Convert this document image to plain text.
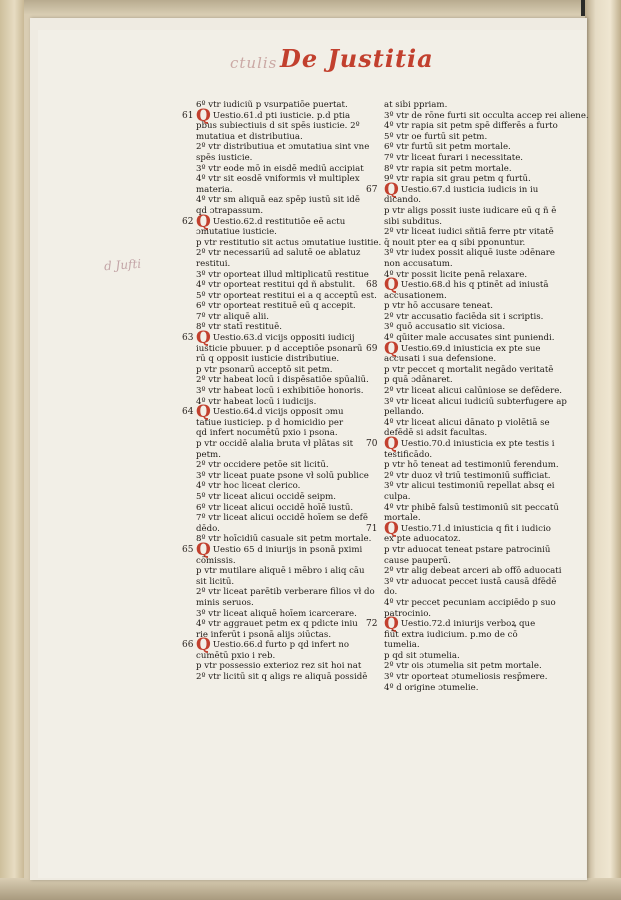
ctulis De Justitia
d Jufti
6º vtr iudiciũ p vsurpatiōe puertat.
61 Q Uestio.61.d pti iusticie. p.d ptia
pbus subiectiuis d sit spēs iusticie. 2º
mutatiua et distributiua.
2º vtr distributiua et ɔmutatiua sint vne
spēs iusticie.
3º vtr eode mō in eisdē mediū accipiat
4º vtr sit eosdē vniformis vł multiplex
materia.
4º vtr sm aliquā eaz spēp iustū sit idē
qd ɔtrapassum.
62 Q Uestio.62.d restitutiōe eē actu
ɔmutatiue iusticie.
p vtr restitutio sit actus ɔmutatiue iustitie.
2º vtr necessariū ad salutē oe ablatuz
restitui.
3º vtr oporteat illud mltiplicatū restitue
4º vtr oporteat restitui qd ñ abstulit.
5º vtr oporteat restitui ei a q acceptū est.
6º vtr oporteat restituē eū q accepit.
7º vtr aliquē alii.
8º vtr statī restituē.
63 Q Uestio.63.d vicijs oppositi iudicij
iusticie pbuuer. p d acceptiōe psonarū
rū q opposit iusticie distributiue.
p vtr psonarū acceptō sit petm.
2º vtr habeat locū i dispēsatiōe spūaliū.
3º vtr habeat locū i exhibitiōe honoris.
4º vtr habeat locū i iudicijs.
64 Q Uestio.64.d vicijs opposit ɔmu
tatiue iusticiep. p d homicidio per
qd infert nocumētū pxio i psona.
p vtr occidē alalia bruta vł plātas sit
petm.
2º vtr occidere petōe sit licitū.
3º vtr liceat puate psone vł solū publice
4º vtr hoc liceat clerico.
5º vtr liceat alicui occidē seipm.
6º vtr liceat alicui occidē hoīē iustū.
7º vtr liceat alicui occidē hoīem se defē
dēdo.
8º vtr hoīcidiū casuale sit petm mortale.
65 Q Uestio 65 d iniurijs in psonā pximi
cōmissis.
p vtr mutilare aliquē i mēbro i aliq cāu
sit licitū.
2º vtr liceat parētib verberare filios vł do
minis seruos.
3º vtr liceat aliquē hoīem icarcerare.
4º vtr aggrauet petm ex q pdicte iniu
rie inferūt i psonā alijs ɔiūctas.
66 Q Uestio.66.d furto p qd infert no
cumētū pxio i reb.
p vtr possessio exterioz rez sit hoi nat
2º vtr licitū sit q aligs re aliquā possidē
at sibi ppriam.
3º vtr de rōne furti sit occulta accep rei aliene.
4º vtr rapia sit petm spē differēs a furto
5º vtr oe furtū sit petm.
6º vtr furtū sit petm mortale.
7º vtr liceat furari i necessitate.
8º vtr rapia sit petm mortale.
9º vtr rapia sit grau petm q furtū.
67 Q Uestio.67.d iusticia iudicis in iu
dicando.
p vtr aligs possit iuste iudicare eū q ñ ē
sibi subditus.
2º vtr liceat iudici sñtiā ferre ptr vitatē
q̄ nouit pter ea q sibi pponuntur.
3º vtr iudex possit aliquē iuste ɔdēnare
non accusatum.
4º vtr possit licite penā relaxare.
68 Q Uestio.68.d his q ptinēt ad iniustā
accusationem.
p vtr hō accusare teneat.
2º vtr accusatio faciēda sit i scriptis.
3º quō accusatio sit viciosa.
4º qūiter male accusates sint puniendi.
69 Q Uestio.69.d iniusticia ex pte sue
accusati i sua defensione.
p vtr peccet q mortalit negādo veritatē
p quā ɔdānaret.
2º vtr liceat alicui calūniose se defēdere.
3º vtr liceat alicui iudiciū subterfugere ap
pellando.
4º vtr liceat alicui dānato p violētiā se
defēdē si adsit facultas.
70 Q Uestio.70.d iniusticia ex pte testis i
testificādo.
p vtr hō teneat ad testimoniū ferendum.
2º vtr duoz vł triū testimoniū sufficiat.
3º vtr alicui testimoniū repellat absq ei
culpa.
4º vtr phibē falsū testimoniū sit peccatū
mortale.
71 Q Uestio.71.d iniusticia q fit i iudicio
ex pte aduocatoz.
p vtr aduocat teneat pstare patrociniū
cause pauperū.
2º vtr alig debeat arceri ab offō aduocati
3º vtr aduocat peccet iustā causā dfēdē
do.
4º vtr peccet pecuniam accipiēdo p suo
patrocinio.
72 Q Uestio.72.d iniurijs verboꝝ que
fiūt extra iudicium. p.mo de cō
tumelia.
p qd sit ɔtumelia.
2º vtr ois ɔtumelia sit petm mortale.
3º vtr oporteat ɔtumeliosis resp̄mere.
4º d origine ɔtumelie.
